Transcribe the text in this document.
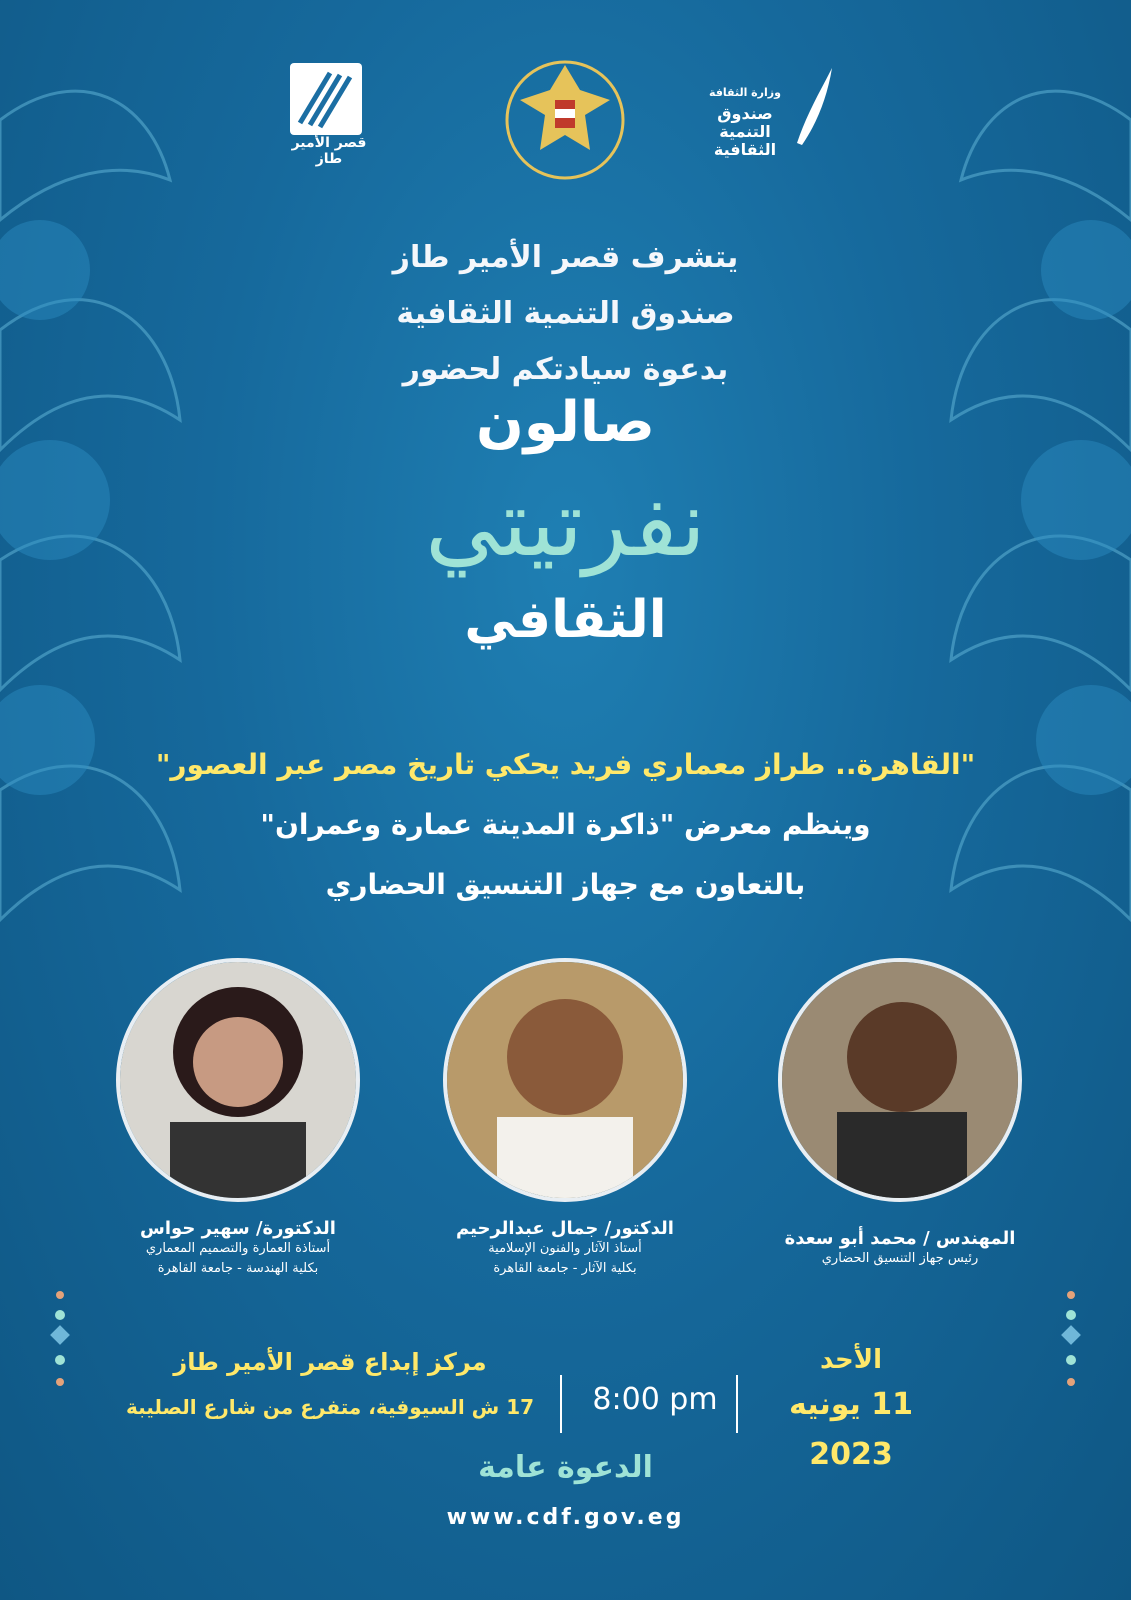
قصر الأمير طاز
وزارة الثقافة
صندوق التنمية الثقافية
يتشرف قصر الأمير طاز
صندوق التنمية الثقافية
بدعوة سيادتكم لحضور
صالون
نفرتيتي
الثقافي
"القاهرة.. طراز معماري فريد يحكي تاريخ مصر عبر العصور"
وينظم معرض "ذاكرة المدينة عمارة وعمران"
بالتعاون مع جهاز التنسيق الحضاري
المهندس / محمد أبو سعدة
رئيس جهاز التنسيق الحضاري
الدكتور/ جمال عبدالرحيم
أستاذ الآثار والفنون الإسلامية
بكلية الآثار - جامعة القاهرة
الدكتورة/ سهير حواس
أستاذة العمارة والتصميم المعماري
بكلية الهندسة - جامعة القاهرة
الأحد
11 يونيه 2023
8:00 pm
مركز إبداع قصر الأمير طاز
17 ش السيوفية، متفرع من شارع الصليبة
الدعوة عامة
www.cdf.gov.eg
